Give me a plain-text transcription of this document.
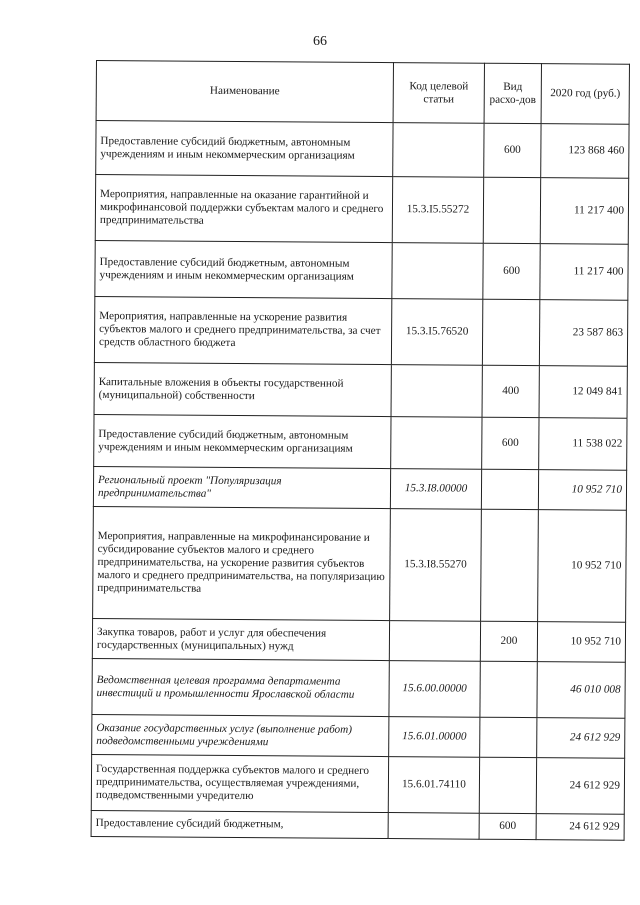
66
Наименование	Код целевой статьи	Вид расхо-дов	2020 год (руб.)
Предоставление субсидий бюджетным, автономным учреждениям и иным некоммерческим организациям		600	123 868 460
Мероприятия, направленные на оказание гарантийной и микрофинансовой поддержки субъектам малого и среднего предпринимательства	15.3.I5.55272		11 217 400
Предоставление субсидий бюджетным, автономным учреждениям и иным некоммерческим организациям		600	11 217 400
Мероприятия, направленные на ускорение развития субъектов малого и среднего предпринимательства, за счет средств областного бюджета	15.3.I5.76520		23 587 863
Капитальные вложения в объекты государственной (муниципальной) собственности		400	12 049 841
Предоставление субсидий бюджетным, автономным учреждениям и иным некоммерческим организациям		600	11 538 022
Региональный проект "Популяризация предпринимательства"	15.3.I8.00000		10 952 710
Мероприятия, направленные на микрофинансирование и субсидирование субъектов малого и среднего предпринимательства, на ускорение развития субъектов малого и среднего предпринимательства, на популяризацию предпринимательства	15.3.I8.55270		10 952 710
Закупка товаров, работ и услуг для обеспечения государственных (муниципальных) нужд		200	10 952 710
Ведомственная целевая программа департамента инвестиций и промышленности Ярославской области	15.6.00.00000		46 010 008
Оказание государственных услуг (выполнение работ) подведомственными учреждениями	15.6.01.00000		24 612 929
Государственная поддержка субъектов малого и среднего предпринимательства, осуществляемая учреждениями, подведомственными учредителю	15.6.01.74110		24 612 929
Предоставление субсидий бюджетным,		600	24 612 929
